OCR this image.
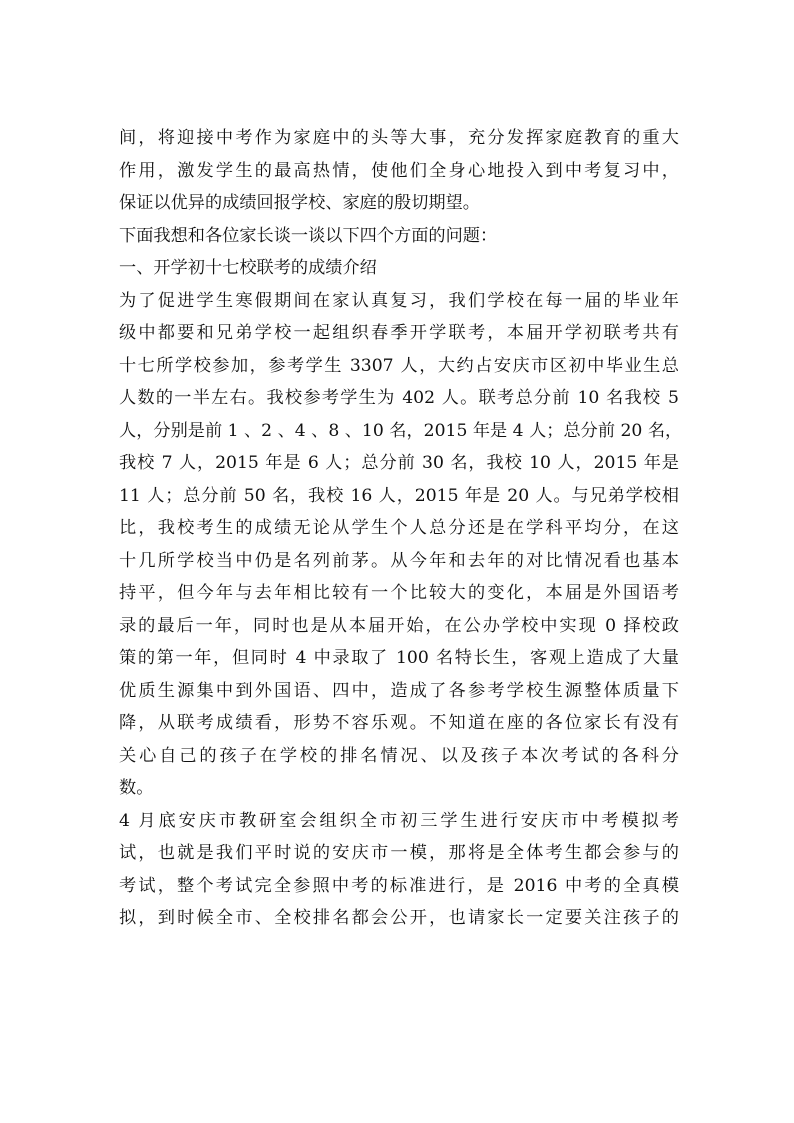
间，将迎接中考作为家庭中的头等大事，充分发挥家庭教育的重大
作用，激发学生的最高热情，使他们全身心地投入到中考复习中，
保证以优异的成绩回报学校、家庭的殷切期望。
下面我想和各位家长谈一谈以下四个方面的问题：
一、开学初十七校联考的成绩介绍
为了促进学生寒假期间在家认真复习，我们学校在每一届的毕业年
级中都要和兄弟学校一起组织春季开学联考，本届开学初联考共有
十七所学校参加，参考学生 3307 人，大约占安庆市区初中毕业生总
人数的一半左右。我校参考学生为 402 人。联考总分前 10 名我校 5
人，分别是前 1 、2 、4 、8 、10 名，2015 年是 4 人；总分前 20 名，
我校 7 人，2015 年是 6 人；总分前 30 名，我校 10 人，2015 年是
11 人；总分前 50 名，我校 16 人，2015 年是 20 人。与兄弟学校相
比，我校考生的成绩无论从学生个人总分还是在学科平均分，在这
十几所学校当中仍是名列前茅。从今年和去年的对比情况看也基本
持平，但今年与去年相比较有一个比较大的变化，本届是外国语考
录的最后一年，同时也是从本届开始，在公办学校中实现 0 择校政
策的第一年，但同时 4 中录取了 100 名特长生，客观上造成了大量
优质生源集中到外国语、四中，造成了各参考学校生源整体质量下
降，从联考成绩看，形势不容乐观。不知道在座的各位家长有没有
关心自己的孩子在学校的排名情况、以及孩子本次考试的各科分
数。
4 月底安庆市教研室会组织全市初三学生进行安庆市中考模拟考
试，也就是我们平时说的安庆市一模，那将是全体考生都会参与的
考试，整个考试完全参照中考的标准进行，是 2016 中考的全真模
拟，到时候全市、全校排名都会公开，也请家长一定要关注孩子的
